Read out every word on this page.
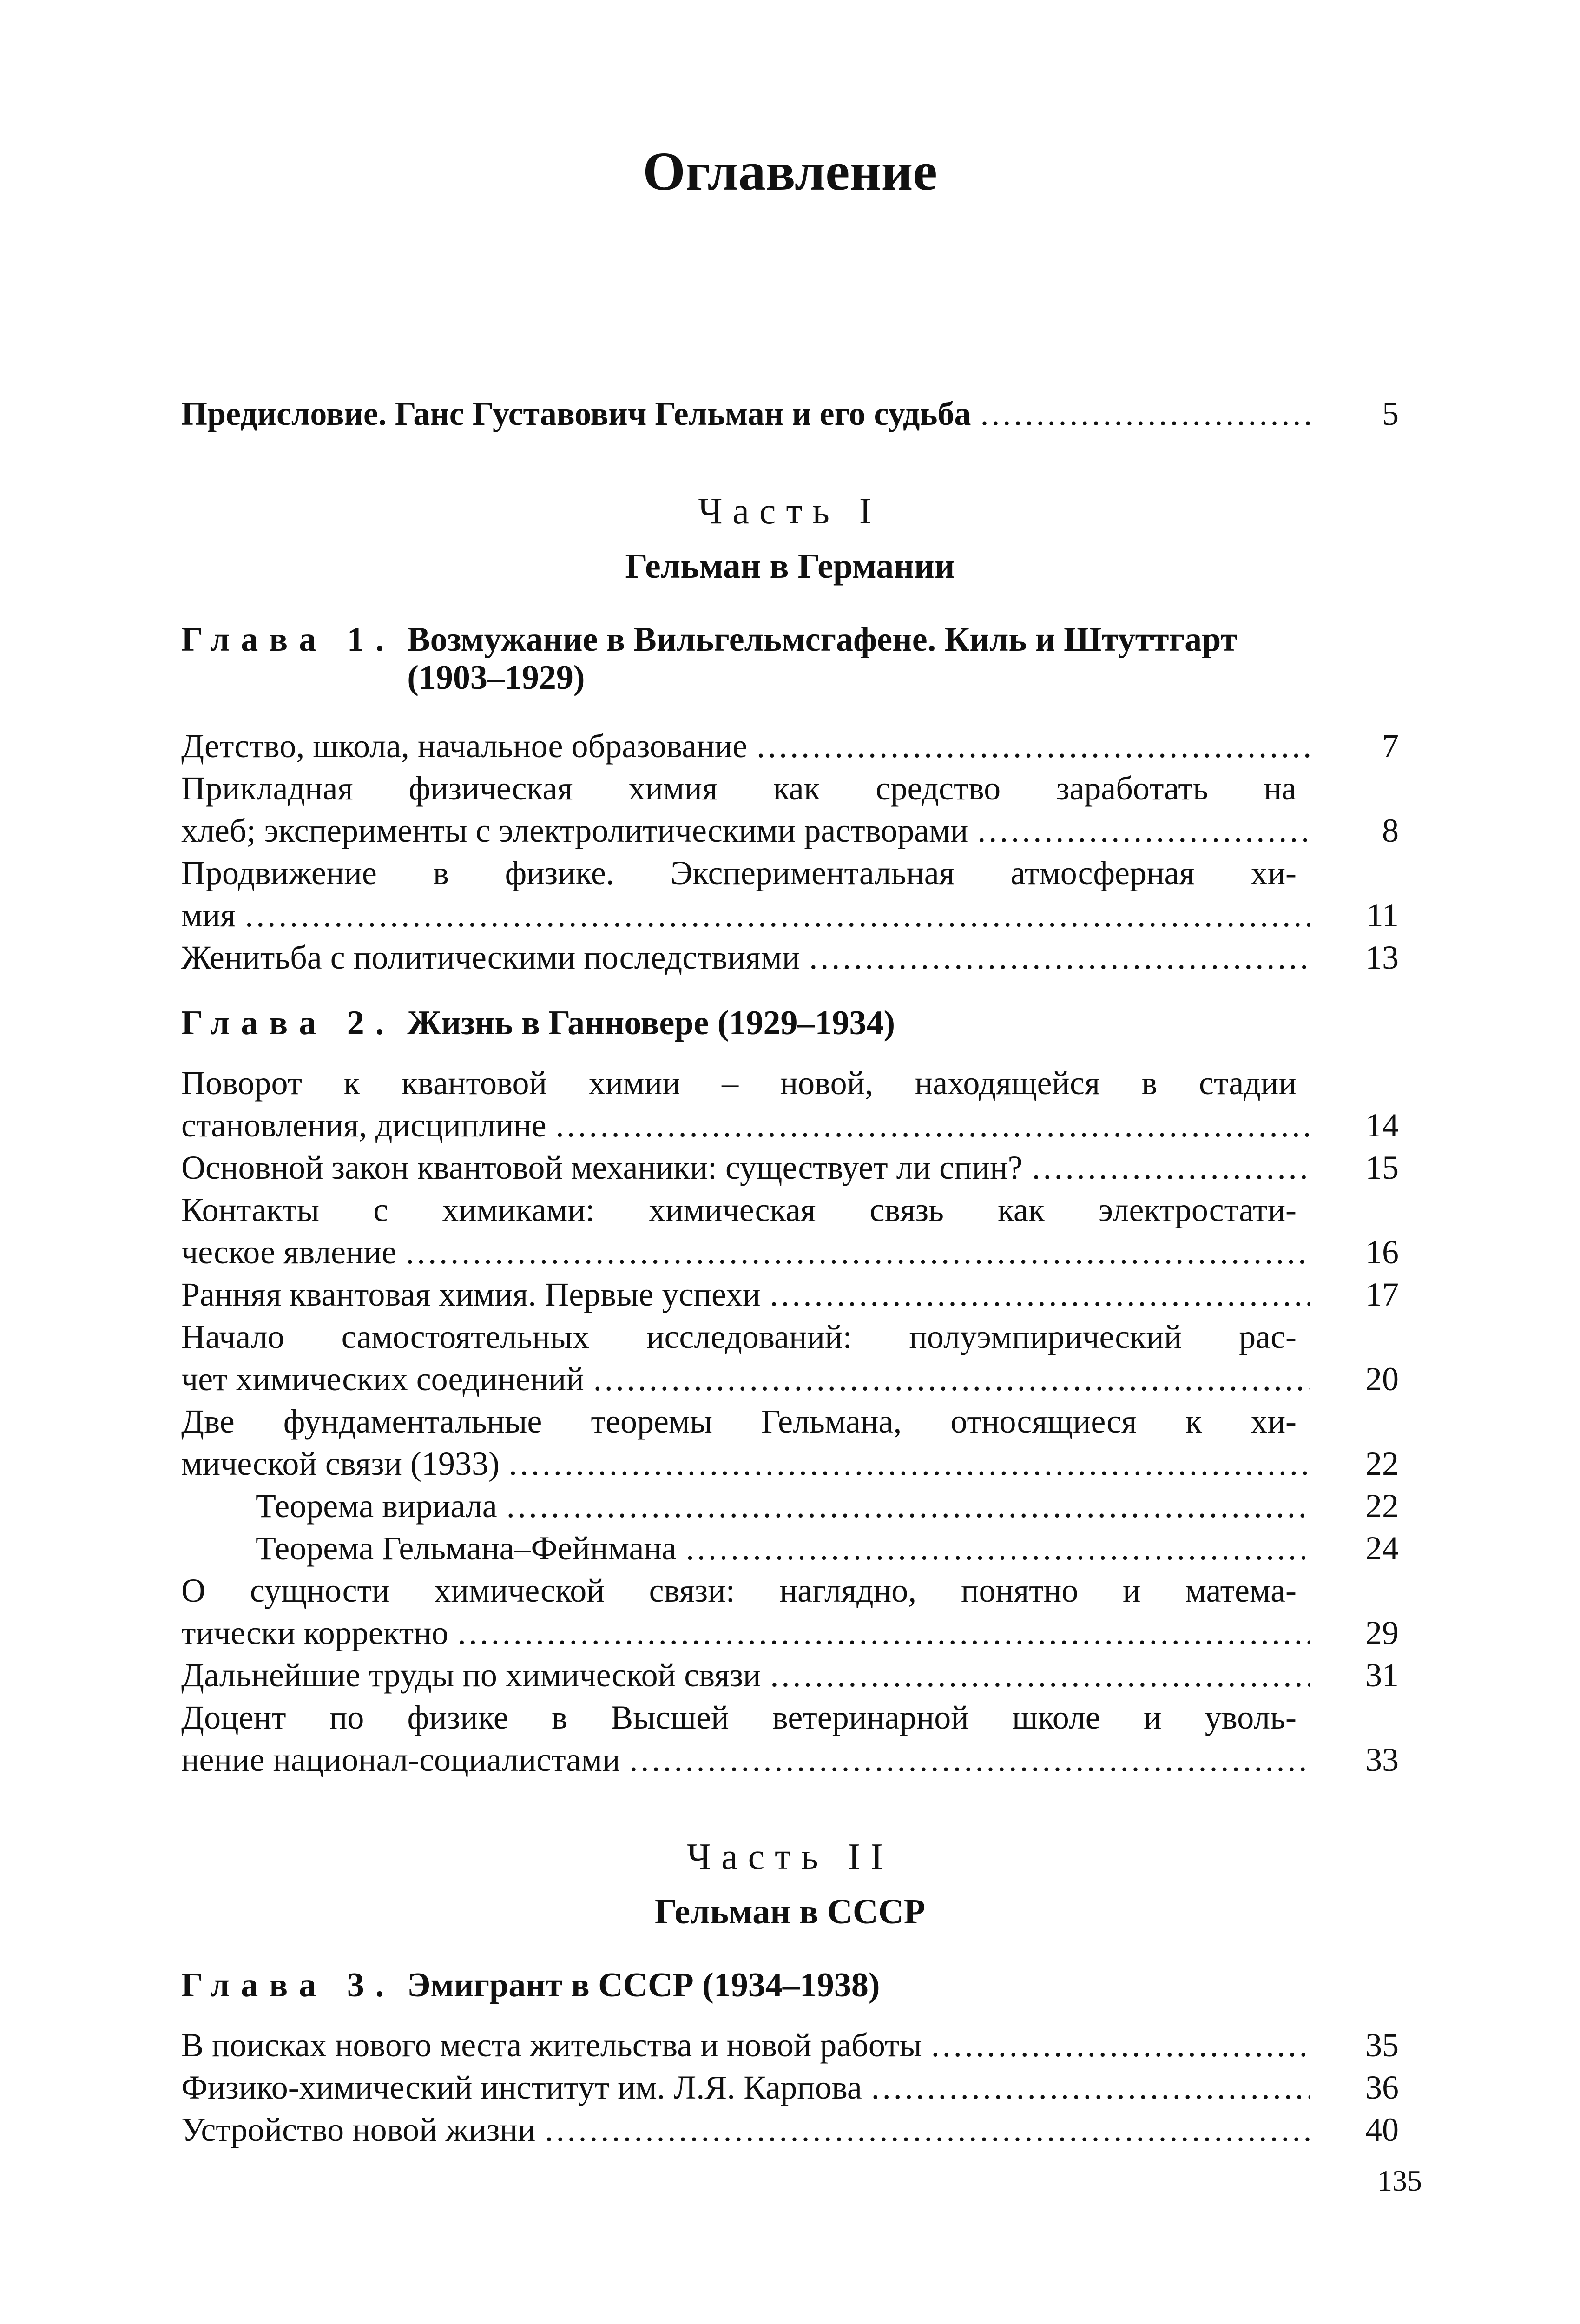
Оглавление
Предисловие. Ганс Густавович Гельман и его судьба .....	5
Часть I
Гельман в Германии
Глава 1. Возмужание в Вильгельмсгафене. Киль и Штуттгарт
(1903–1929)
Детство, школа, начальное образование .....	7
Прикладная физическая химия как средство заработать на
хлеб; эксперименты с электролитическими растворами .....	8
Продвижение в физике. Экспериментальная атмосферная хи-
мия .....	11
Женитьба с политическими последствиями .....	13
Глава 2. Жизнь в Ганновере (1929–1934)
Поворот к квантовой химии – новой, находящейся в стадии
становления, дисциплине .....	14
Основной закон квантовой механики: существует ли спин? .....	15
Контакты с химиками: химическая связь как электростати-
ческое явление .....	16
Ранняя квантовая химия. Первые успехи .....	17
Начало самостоятельных исследований: полуэмпирический рас-
чет химических соединений .....	20
Две фундаментальные теоремы Гельмана, относящиеся к хи-
мической связи (1933) .....	22
Теорема вириала .....	22
Теорема Гельмана–Фейнмана .....	24
О сущности химической связи: наглядно, понятно и матема-
тически корректно .....	29
Дальнейшие труды по химической связи .....	31
Доцент по физике в Высшей ветеринарной школе и уволь-
нение национал-социалистами .....	33
Часть II
Гельман в СССР
Глава 3. Эмигрант в СССР (1934–1938)
В поисках нового места жительства и новой работы .....	35
Физико-химический институт им. Л.Я. Карпова .....	36
Устройство новой жизни .....	40
135
